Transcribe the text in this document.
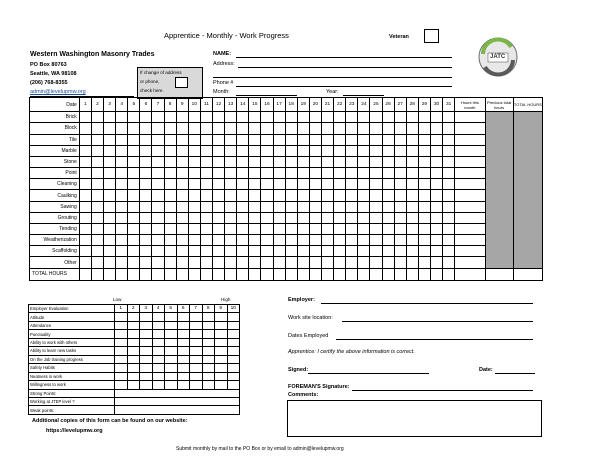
Apprentice - Monthly - Work Progress	Veteran
Western Washington Masonry Trades
PO Box 80763
Seattle, WA 98108
(206) 768-8355
admin@levelupmw.org
If change of address
or phone,
check here.
NAME:
Address:
Phone #
Month:	Year:
JATC
Date	1	2	3	4	5	6	7	8	9	10	11	12	13	14	15	16	17	18	19	20	21	22	23	24	25	26	27	28	29	30	31	Hours this month	Previous total hours	TOTAL HOURS
Brick																																		
Block																																		
Tile																																		
Marble																																		
Stone																																		
Point																																		
Cleaning																																		
Caulking																																		
Sawing																																		
Grouting																																		
Tending																																		
Weatherization																																		
Scaffolding																																		
Other																																		
TOTAL HOURS																																		
Low	High
Employer Evaluation	1	2	3	4	5	6	7	8	9	10
Attitude										
Attendance										
Punctuality										
Ability to work with others										
Ability to learn new tasks										
On the Job training progress										
Safety Habits										
Neatness in work										
Willingness to work										
Strong Points:										
Working at JTEP level ?										
Weak points:										
Additional copies of this form can be found on our website:
https://levelupmw.org
Employer:
Work site location:
Dates Employed
Apprentice: I certify the above information is correct.
Signed:	Date:
FOREMAN'S Signature:
Comments:
Submit monthly by mail to the PO Box or by email to admin@levelupmw.org
